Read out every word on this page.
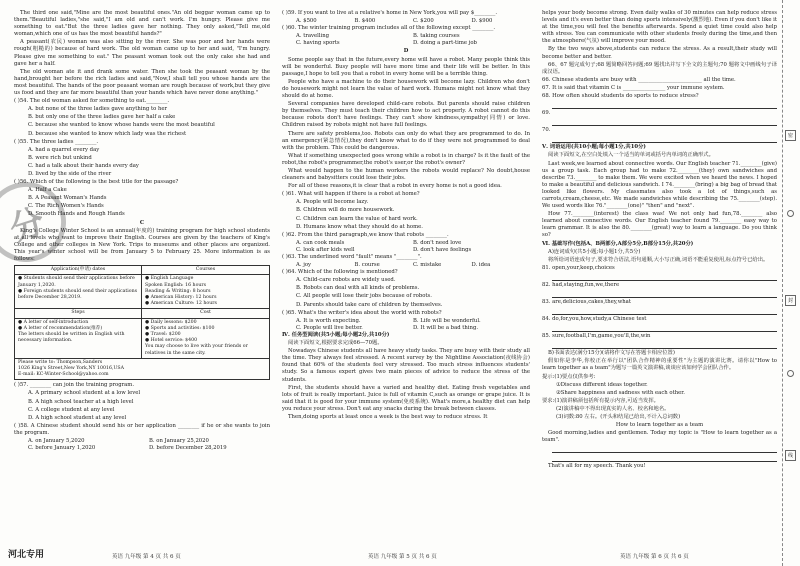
分

The third one said,"Mine are the most beautiful ones."An old beggar woman came up to them."Beautiful ladies,"she said,"I am old and can't work. I'm hungry. Please give me something to eat."But the three ladies gave her nothing. They only asked,"Tell me,old woman,which one of us has the most beautiful hands?"

A peasant(农民) woman was also sitting by the river. She was poor and her hands were rough(粗糙的) because of hard work. The old woman came up to her and said, "I'm hungry. Please give me something to eat." The peasant woman took out the only cake she had and gave her a half.

The old woman ate it and drank some water. Then she took the peasant woman by the hand,brought her before the rich ladies and said,"Now,I shall tell you whose hands are the most beautiful. The hands of the poor peasant woman are rough because of work,but they give us food and they are far more beautiful than your hands which have never done anything."

( )54. The old woman asked for something to eat.________.

A. but none of the three ladies gave anything to her

B. but only one of the three ladies gave her half a cake

C. because she wanted to know whose hands were the most beautiful

D. because she wanted to know which lady was the richest

( )55. The three ladies ________.

A. had a quarrel every day

B. were rich but unkind

C. had a talk about their hands every day

D. lived by the side of the river

( )56. Which of the following is the best title for the passage?

A. Half a Cake

B. A Peasant Woman's Hands

C. The Rich Women's Hands

D. Smooth Hands and Rough Hands

C

King's College Winter School is an annual(年度的) training program for high school students at all levels who want to improve their English. Courses are given by the teachers of King's College and other colleges in New York. Trips to museums and other places are organized. This year's winter school will be from January 5 to February 25. More information is as follows:

Application(申请) dates	Courses
● Students should send their applications before January 1,2020.
● Foreign students should send their applications before December 28,2019.
● English Language
Spoken English: 16 hours
Reading & Writing: 8 hours
● American History: 12 hours
● American Culture: 12 hours
Steps	Cost
● A letter of self-introduction
● A letter of recommendation(推荐)
The letters should be written in English with necessary information.
● Daily lessons: $200
● Sports and activities: $100
● Travel: $200
● Hotel service: $400
You may choose to live with your friends or relatives in the same city.
Please write to: Thompson,Sanders
1026 King's Street,New York,NY 10016,USA
E-mail: KC-Winter-School@yahoo.com

( )57. ________ can join the training program.

A. A primary school student at a low level

B. A high school teacher at a high level

C. A college student at any level

D. A high school student at any level

( )58. A Chinese student should send his or her application ________ if he or she wants to join the program.

A. on January 5,2020	B. on January 25,2020
C. before January 1,2020	D. before December 28,2019

( )59. If you want to live at a relative's home in New York,you will pay $________.

A. $500	B. $400	C. $200	D. $900

( )60. The winter training program includes all of the following except ________.

A. travelling	B. taking courses
C. having sports	D. doing a part-time job
D

Some people say that in the future,every home will have a robot. Many people think this will be wonderful. Busy people will have more time and their life will be better. In this passage,I hope to tell you that a robot in every home will be a terrible thing.

People who have a machine to do their housework will become lazy. Children who don't do housework might not learn the value of hard work. Humans might not know what they should do at home.

Several companies have developed child-care robots. But parents should raise children by themselves. They must teach their children how to act properly. A robot cannot do this because robots don't have feelings. They can't show kindness,sympathy(同情) or love. Children raised by robots might not have full feelings.

There are safety problems,too. Robots can only do what they are programmed to do. In an emergency(紧急情况),they don't know what to do if they were not programmed to deal with the problem. This could be dangerous.

What if something unexpected goes wrong while a robot is in charge? Is it the fault of the robot,the robot's programmer,the robot's user,or the robot's owner?

What would happen to the human workers the robots would replace? No doubt,house cleaners and babysitters could lose their jobs.

For all of these reasons,it is clear that a robot in every home is not a good idea.

( )61. What will happen if there is a robot at home?

A. People will become lazy.

B. Children will do more housework.

C. Children can learn the value of hard work.

D. Humans know what they should do at home.

( )62. From the third paragraph,we know that robots ________.

A. can cook meals	B. don't need love
C. look after kids well	D. don't have feelings

( )63. The underlined word "fault" means "________".

A. joy	B. course	C. mistake	D. idea

( )64. Which of the following is mentioned?

A. Child-care robots are widely used.

B. Robots can deal with all kinds of problems.

C. All people will lose their jobs because of robots.

D. Parents should take care of children by themselves.

( )65. What's the writer's idea about the world with robots?

A. It is worth expecting.	B. Life will be wonderful.
C. People will live better.	D. It will be a bad thing.

Ⅳ. 任务型阅读(共5小题;每小题2分,共10分)

阅读下面短文,根据要求完成66—70题。

Nowadays Chinese students all have heavy study tasks. They are busy with their study all the time. They always feel stressed. A recent survey by the Nightline Association(夜线协会) found that 60% of the students feel very stressed. Too much stress influences students' study. So a famous expert gives two main pieces of advice to reduce the stress of the students.

First, the students should have a varied and healthy diet. Eating fresh vegetables and lots of fruit is really important. Juice is full of vitamin C,such as orange or grape juice. It is said that it is good for your immune system(免疫系统). What's more,a healthy diet can help you reduce your stress. Don't eat any snacks during the break between classes.

Then,doing sports at least once a week is the best way to reduce stress. It

helps your body become strong. Even daily walks of 30 minutes can help reduce stress levels and it's even better than doing sports intensively(激烈地). Even if you don't like it at the time,you will feel the benefits afterwards. Spend a quiet time could also help with stress. You can communicate with other students freely during the time,and then the atmosphere(气氛) will improve your mood.

By the two ways above,students can reduce the stress. As a result,their study will become better and better.

66、67 题完成句子;68 题简略回答问题;69 题找出并写下全文的主题句;70 题将文中画线句子译成汉语。

66. Chinese students are busy with ________________________ all the time.

67. It is said that vitamin C is ________________ your immune system.

68. How often should students do sports to reduce stress?

69.

70.

Ⅴ. 词语运用(共10小题;每小题1分,共10分)

阅读下面短文,在空白处填入一个适当的单词或括号内单词的正确形式。

Last week,we learned about connective words. Our English teacher 71.________(give) us a group task. Each group had to make 72.________(they) own sandwiches and describe 73.________ to make them. We were excited when we heard the news. I hoped to make a beautiful and delicious sandwich. I 74.________(bring) a big bag of bread that looked like flowers. My classmates also took a lot of things,such as carrots,cream,cheese,etc. We made sandwiches while describing the 75.________(step). We used words like 76."________(one)" "then" and "next".

How 77.________(interest) the class was! We not only had fun,78.________ also learned about connective words. Our English teacher found 79.________ easy way to learn grammar. It is also the 80.________(great) way to learn a language. Do you think so?

Ⅵ. 基础写作(包括A、B两部分,A部分5分,B部分15分,共20分)

A)连词成句(共5小题;每小题1分,共5分)

将所给词语连成句子,要求符合语法,语句通顺,大小写正确,词语不能重复使用,标点符号已给出。

81. open,your,keep,choices

82. had,staying,fun,we,there

83. are,delicious,cakes,they,what

84. do,for,you,how,study,a Chinese test

85. sure,football,I'm,game,you'll,the,win

B)书面表达(满分15分)(请将作文写在答题卡相应位置)

假如你是李华,你校正在举行以"团队合作精神的重要性"为主题的演讲比赛。请你以"How to learn together as a team"为题写一篇英文演讲稿,谈谈应该如何学会团队合作。

提示:(1)要点仅供参考:

①Discuss different ideas together.

②Share happiness and sadness with each other.

要求:(1)演讲稿须包括所有提示内容,可适当发挥。

(2)演讲稿中不得出现真实的人名、校名和地名。

(3)词数:80 左右。(开头和结尾已给出,不计入总词数)

How to learn together as a team

Good morning,ladies and gentlemen. Today my topic is "How to learn together as a team".

That's all for my speech. Thank you!

英语 九年级 第 4 页 共 6 页	英语 九年级 第 5 页 共 6 页	英语 九年级 第 6 页 共 6 页
河北专用
密
封
线
